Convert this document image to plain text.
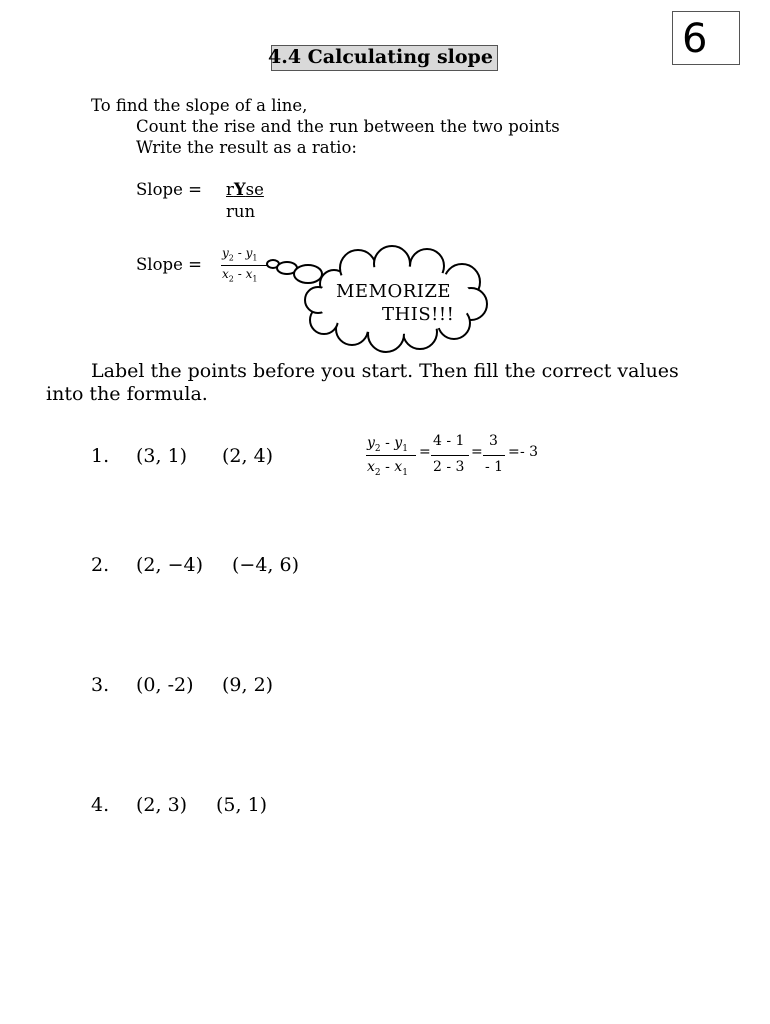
6
4.4 Calculating slope
To find the slope of a line,
Count the rise and the run between the two points
Write the result as a ratio:
Slope = rYse
run
Slope =
$y_2 - y_1$
$x_2 - x_1$
MEMORIZE
THIS!!!
Label the points before you start. Then fill the correct values
into the formula.
1. (3, 1) (2, 4)
2. (2, −4) (−4, 6)
3. (0, -2) (9, 2)
4. (2, 3) (5, 1)
$y_2 - y_1$
$x_2 - x_1$
=
4 - 1
2 - 3
=
3
- 1
= - 3
